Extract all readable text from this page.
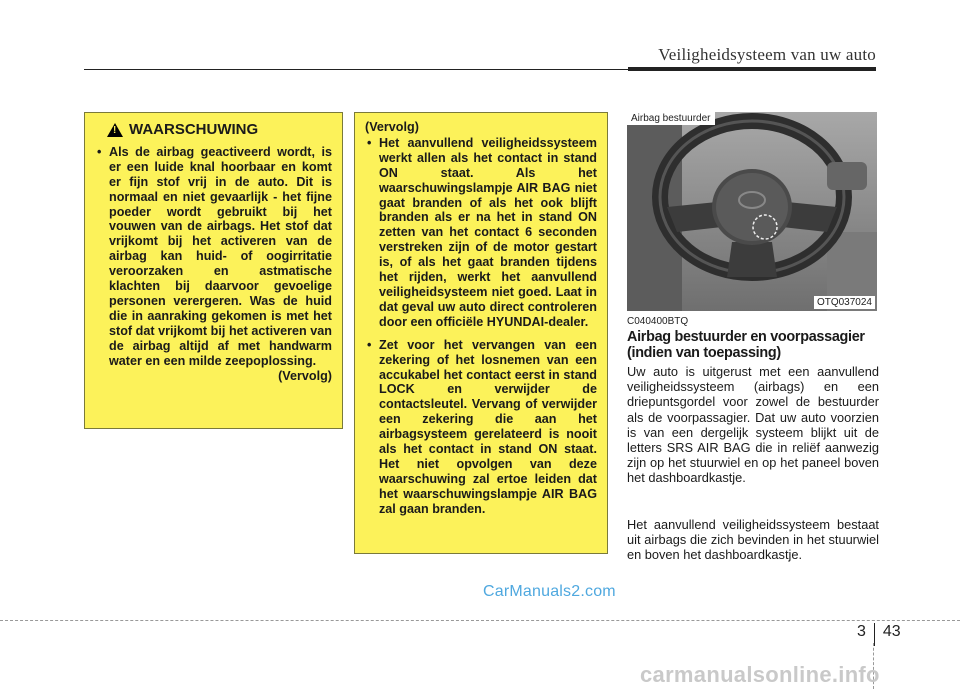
Veiligheidsysteem van uw auto
! WAARSCHUWING
• Als de airbag geactiveerd wordt, is er een luide knal hoorbaar en komt er fijn stof vrij in de auto. Dit is normaal en niet gevaarlijk - het fijne poeder wordt gebruikt bij het vouwen van de airbags. Het stof dat vrijkomt bij het activeren van de airbag kan huid- of oogirritatie veroorzaken en astmatische klachten bij daarvoor gevoelige personen verergeren. Was de huid die in aanraking gekomen is met het stof dat vrijkomt bij het activeren van de airbag altijd af met handwarm water en een milde zeepoplossing.
(Vervolg)
(Vervolg)
• Het aanvullend veiligheidssysteem werkt allen als het contact in stand ON staat. Als het waarschuwingslampje AIR BAG niet gaat branden of als het ook blijft branden als er na het in stand ON zetten van het contact 6 seconden verstreken zijn of de motor gestart is, of als het gaat branden tijdens het rijden, werkt het aanvullend veiligheidsysteem niet goed. Laat in dat geval uw auto direct controleren door een officiële HYUNDAI-dealer.
• Zet voor het vervangen van een zekering of het losnemen van een accukabel het contact eerst in stand LOCK en verwijder de contactsleutel. Vervang of verwijder een zekering die aan het airbagsysteem gerelateerd is nooit als het contact in stand ON staat. Het niet opvolgen van deze waarschuwing zal ertoe leiden dat het waarschuwingslampje AIR BAG zal gaan branden.
Airbag bestuurder
OTQ037024
C040400BTQ
Airbag bestuurder en voorpassagier (indien van toepassing)
Uw auto is uitgerust met een aanvullend veiligheidssysteem (airbags) en een driepuntsgordel voor zowel de bestuurder als de voorpassagier. Dat uw auto voorzien is van een dergelijk systeem blijkt uit de letters SRS AIR BAG die in reliëf aanwezig zijn op het stuurwiel en op het paneel boven het dashboardkastje.
Het aanvullend veiligheidssysteem bestaat uit airbags die zich bevinden in het stuurwiel en boven het dashboardkastje.
CarManuals2.com
3 43
carmanualsonline.info
